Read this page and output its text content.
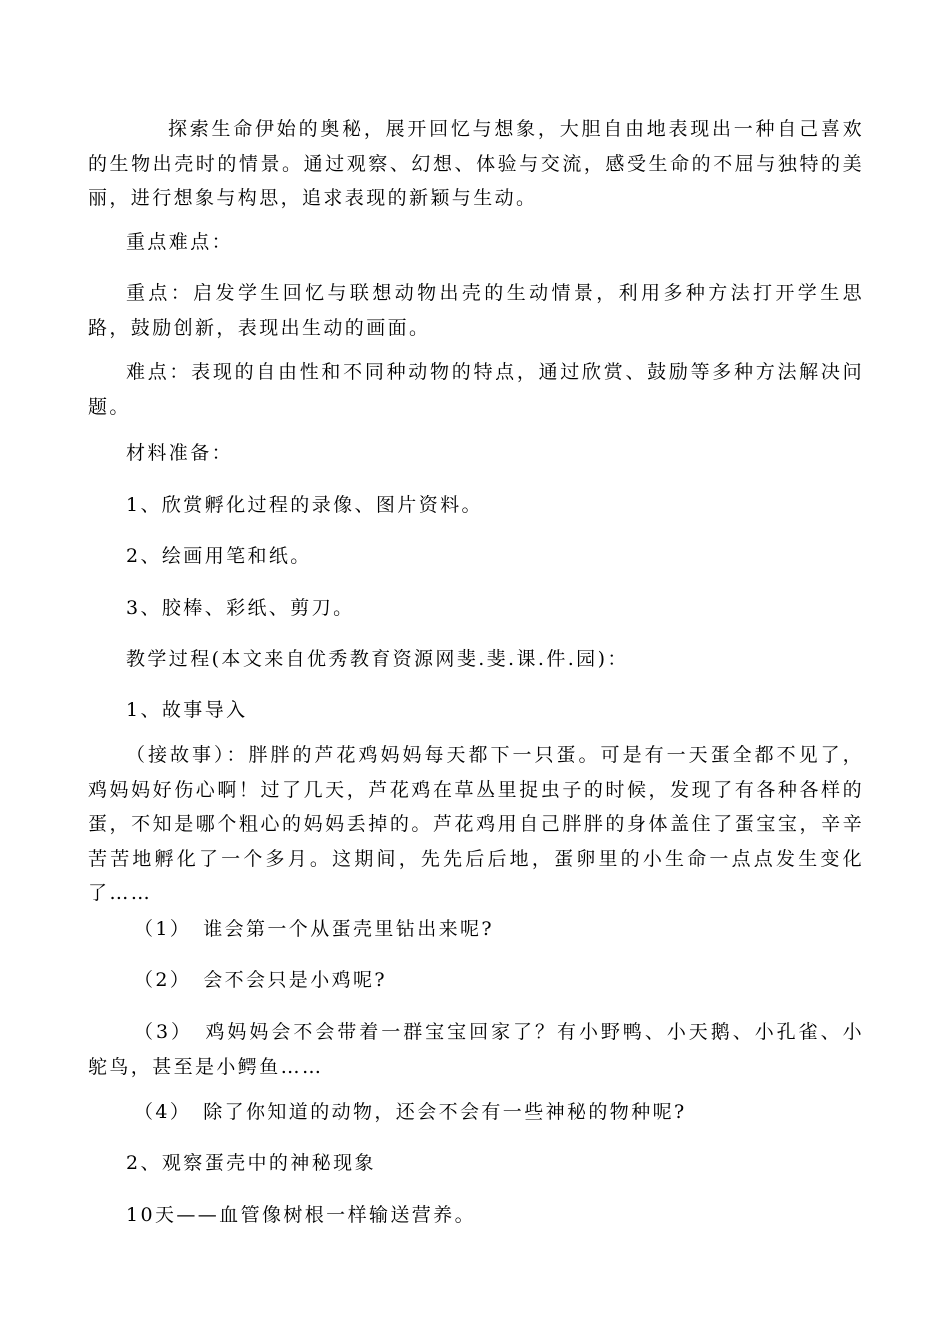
探索生命伊始的奥秘，展开回忆与想象，大胆自由地表现出一种自己喜欢的生物出壳时的情景。通过观察、幻想、体验与交流，感受生命的不屈与独特的美丽，进行想象与构思，追求表现的新颖与生动。

重点难点：

重点：启发学生回忆与联想动物出壳的生动情景，利用多种方法打开学生思路，鼓励创新，表现出生动的画面。

难点：表现的自由性和不同种动物的特点，通过欣赏、鼓励等多种方法解决问题。

材料准备：

1、欣赏孵化过程的录像、图片资料。

2、绘画用笔和纸。

3、胶棒、彩纸、剪刀。

教学过程(本文来自优秀教育资源网斐.斐.课.件.园)：

1、故事导入

（接故事）：胖胖的芦花鸡妈妈每天都下一只蛋。可是有一天蛋全都不见了，鸡妈妈好伤心啊！过了几天，芦花鸡在草丛里捉虫子的时候，发现了有各种各样的蛋，不知是哪个粗心的妈妈丢掉的。芦花鸡用自己胖胖的身体盖住了蛋宝宝，辛辛苦苦地孵化了一个多月。这期间，先先后后地，蛋卵里的小生命一点点发生变化了……

（1）　谁会第一个从蛋壳里钻出来呢?

（2）　会不会只是小鸡呢?

（3）　鸡妈妈会不会带着一群宝宝回家了？有小野鸭、小天鹅、小孔雀、小鸵鸟，甚至是小鳄鱼……

（4）　除了你知道的动物，还会不会有一些神秘的物种呢?

2、观察蛋壳中的神秘现象

10天——血管像树根一样输送营养。
